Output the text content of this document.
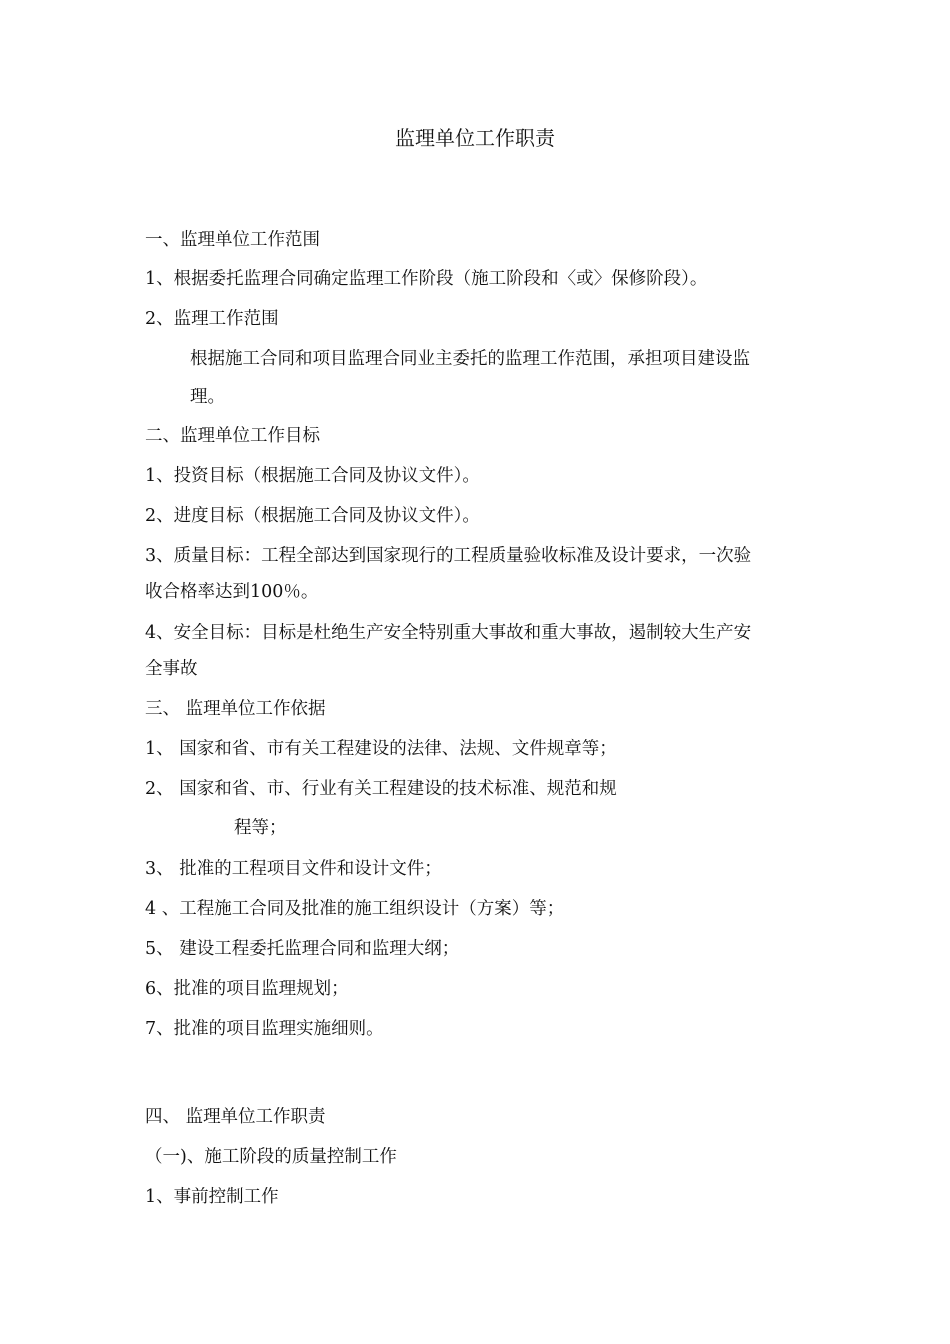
监理单位工作职责
一、监理单位工作范围
1、根据委托监理合同确定监理工作阶段（施工阶段和〈或〉保修阶段）。
2、监理工作范围
根据施工合同和项目监理合同业主委托的监理工作范围，承担项目建设监
理。
二、监理单位工作目标
1、投资目标（根据施工合同及协议文件）。
2、进度目标（根据施工合同及协议文件）。
3、质量目标：工程全部达到国家现行的工程质量验收标准及设计要求，一次验
收合格率达到100％。
4、安全目标：目标是杜绝生产安全特别重大事故和重大事故，遏制较大生产安
全事故
三、 监理单位工作依据
1、 国家和省、市有关工程建设的法律、法规、文件规章等；
2、 国家和省、市、行业有关工程建设的技术标准、规范和规
程等；
3、 批准的工程项目文件和设计文件；
4 、工程施工合同及批准的施工组织设计（方案）等；
5、 建设工程委托监理合同和监理大纲；
6、批准的项目监理规划；
7、批准的项目监理实施细则。
四、 监理单位工作职责
（一)、施工阶段的质量控制工作
1、事前控制工作
